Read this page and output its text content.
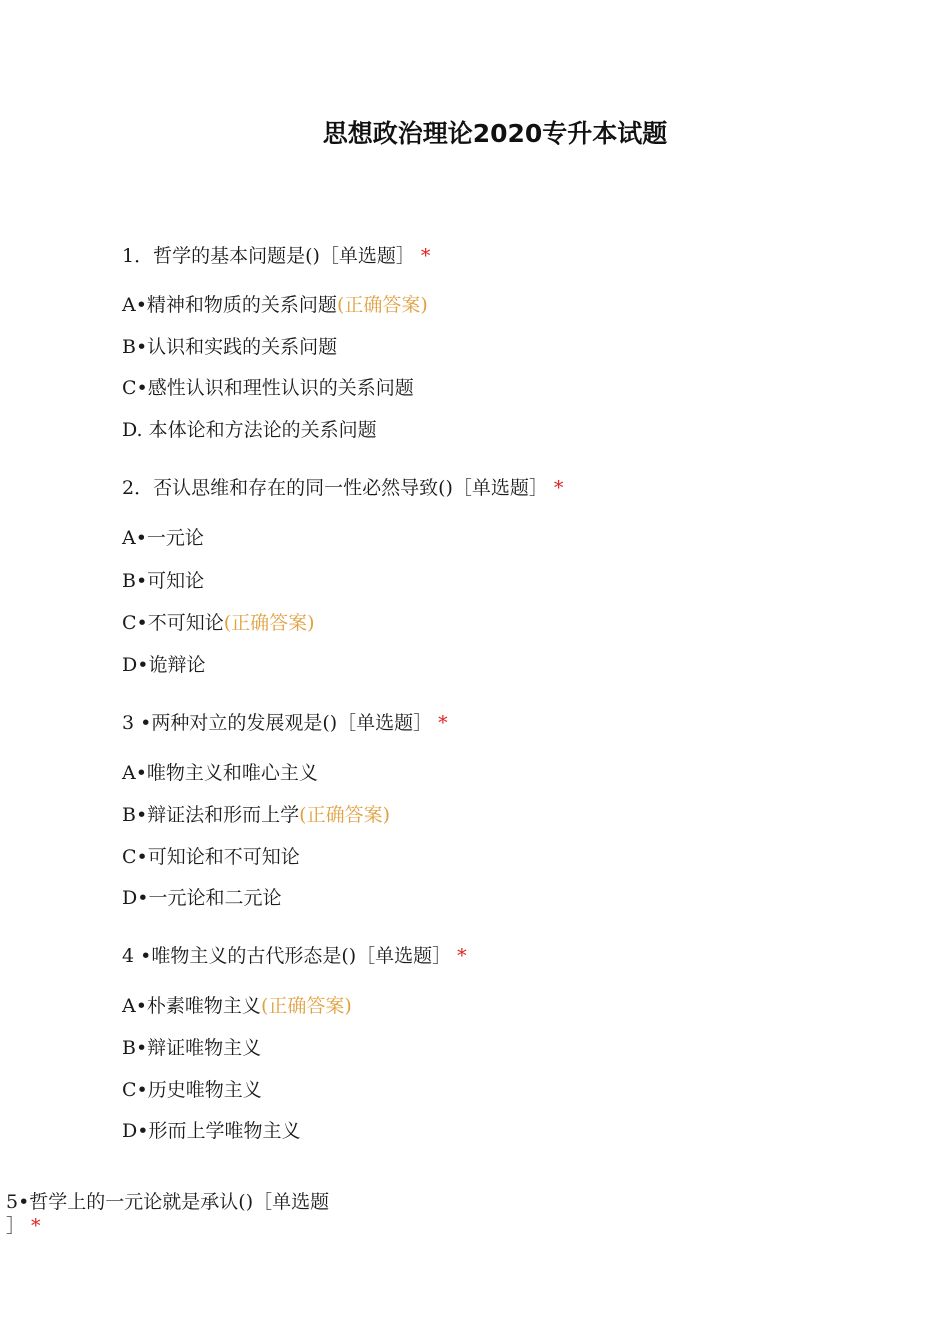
思想政治理论2020专升本试题
1．哲学的基本问题是()［单选题］ *
A•精神和物质的关系问题(正确答案)
B•认识和实践的关系问题
C•感性认识和理性认识的关系问题
D. 本体论和方法论的关系问题
2．否认思维和存在的同一性必然导致()［单选题］ *
A•一元论
B•可知论
C•不可知论(正确答案)
D•诡辩论
3 •两种对立的发展观是()［单选题］ *
A•唯物主义和唯心主义
B•辩证法和形而上学(正确答案)
C•可知论和不可知论
D•一元论和二元论
4 •唯物主义的古代形态是()［单选题］ *
A•朴素唯物主义(正确答案)
B•辩证唯物主义
C•历史唯物主义
D•形而上学唯物主义
5•哲学上的一元论就是承认()［单选题
］ *
